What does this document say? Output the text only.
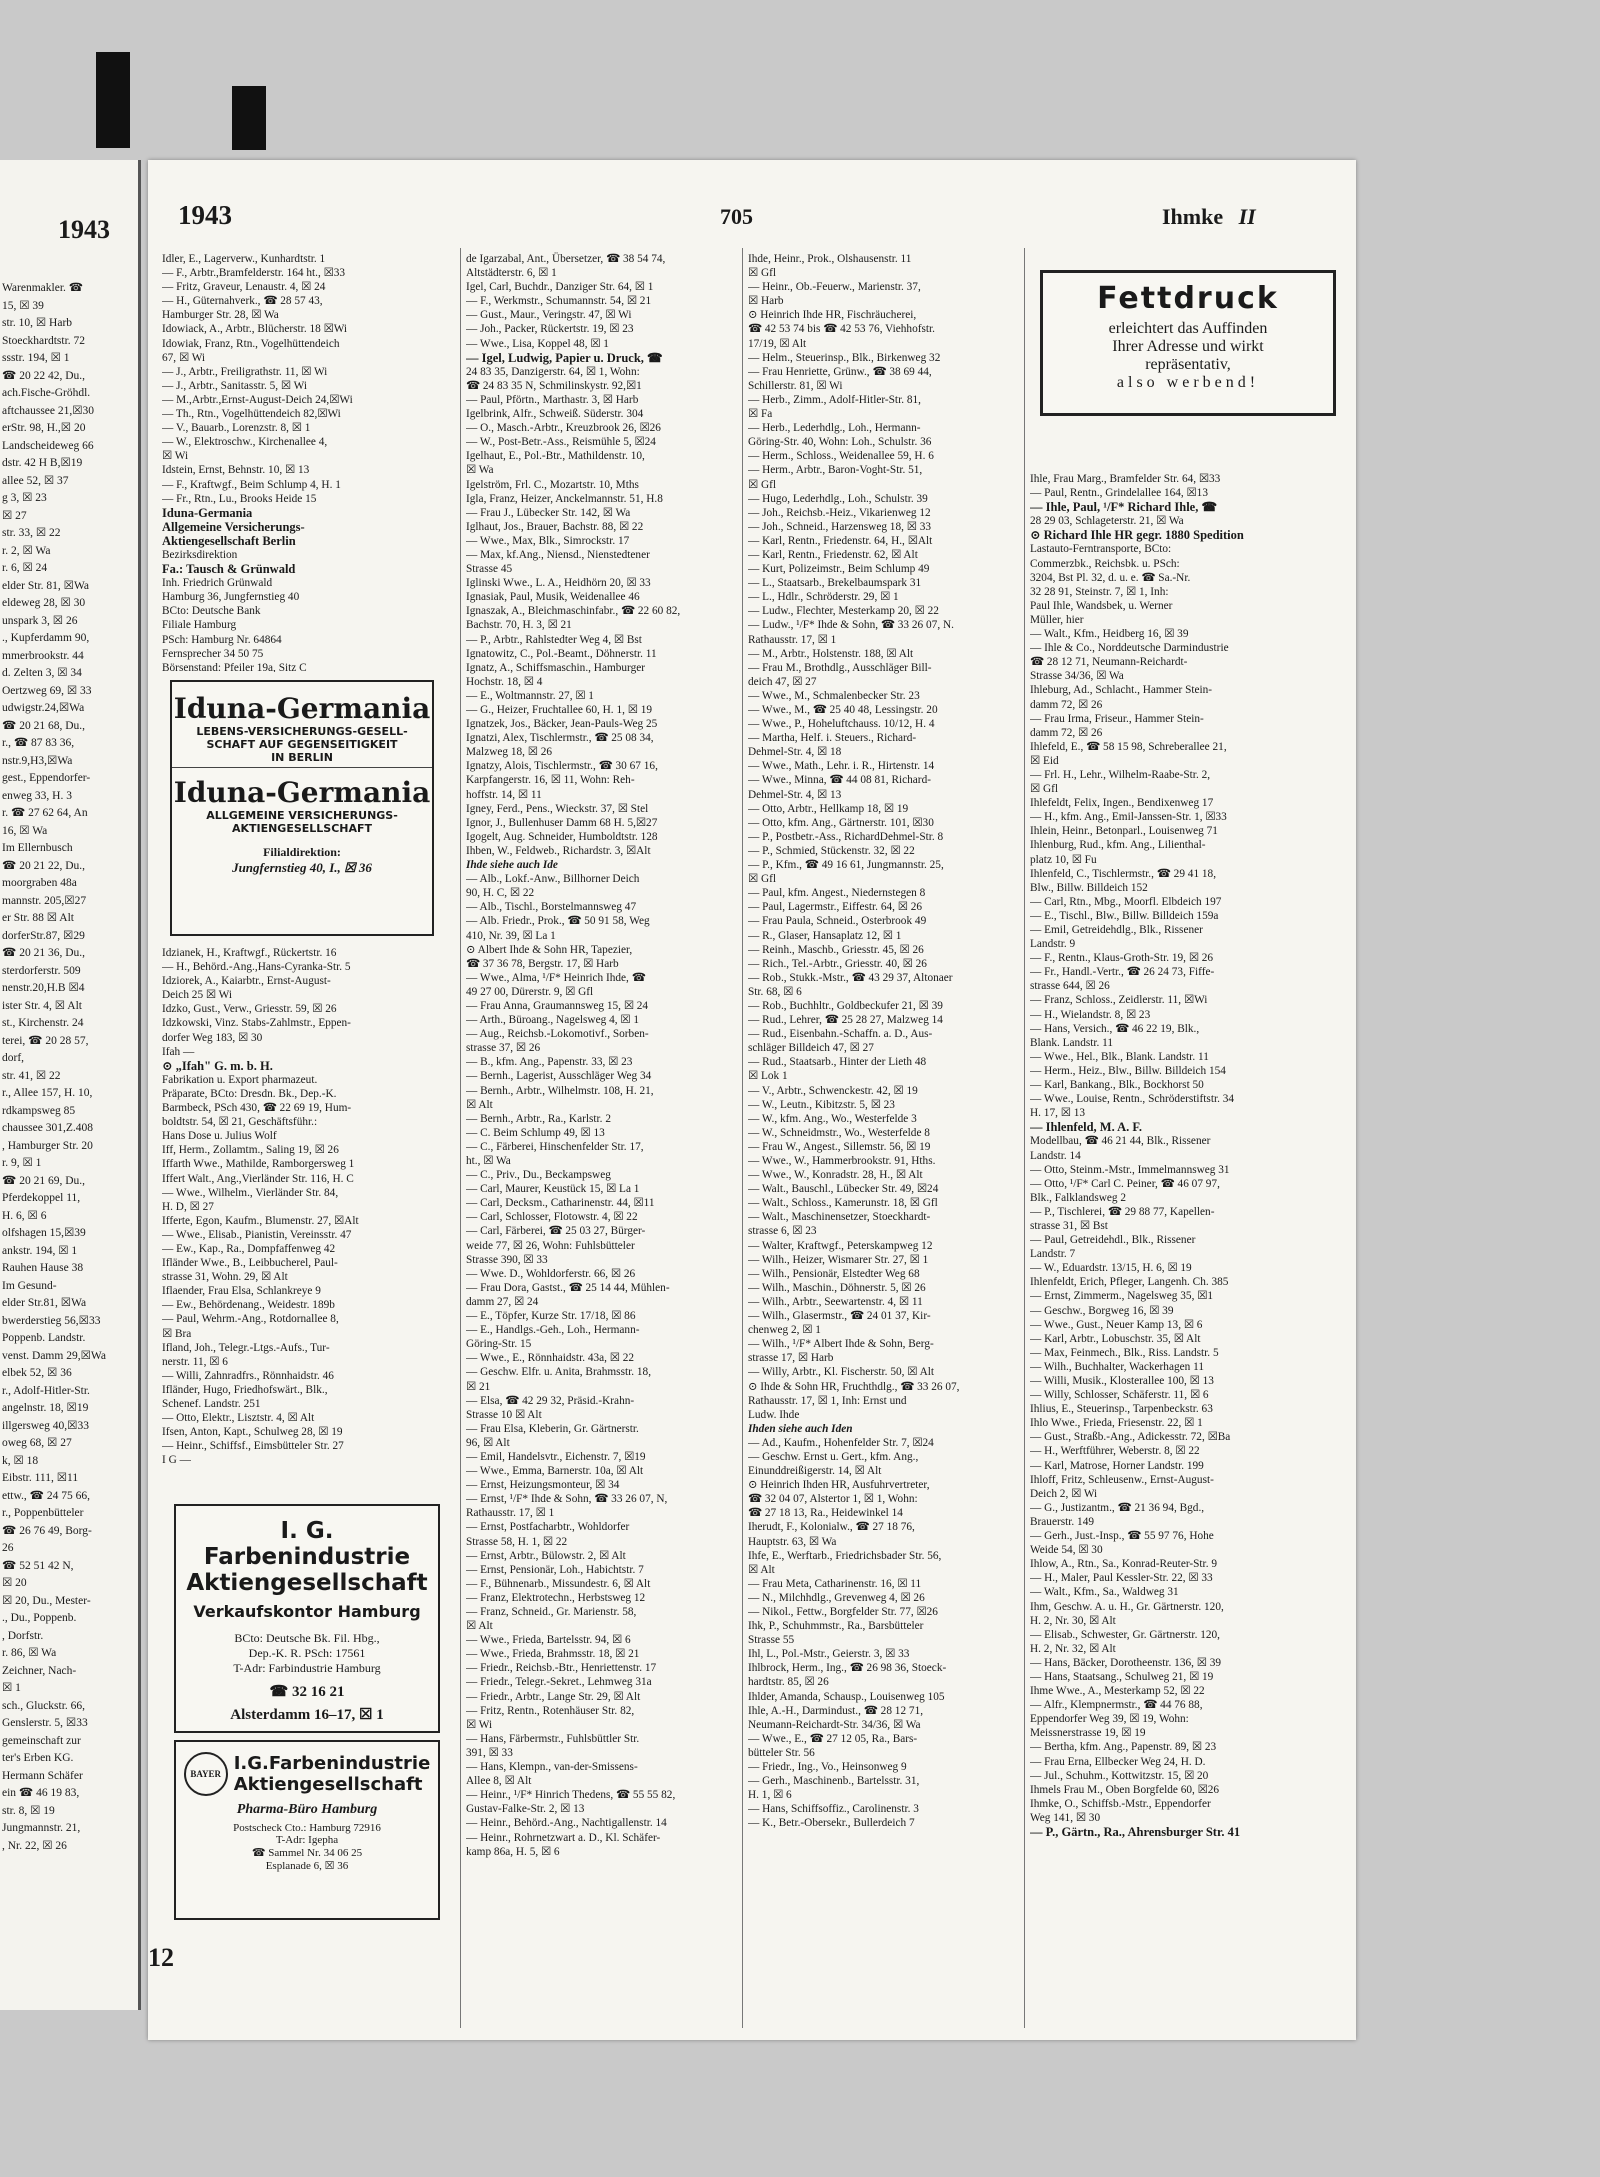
1943
Warenmakler. ☎
15, ☒ 39
str. 10, ☒ Harb
Stoeckhardtstr. 72
ssstr. 194, ☒ 1
☎ 20 22 42, Du.,
ach.Fische-Gröhdl.
aftchaussee 21,☒30
erStr. 98, H.,☒ 20
Landscheideweg 66
dstr. 42 H B,☒19
allee 52, ☒ 37
g 3, ☒ 23
☒ 27
str. 33, ☒ 22
r. 2, ☒ Wa
r. 6, ☒ 24
elder Str. 81, ☒Wa
eldeweg 28, ☒ 30
unspark 3, ☒ 26
., Kupferdamm 90,
mmerbrookstr. 44
d. Zelten 3, ☒ 34
Oertzweg 69, ☒ 33
udwigstr.24,☒Wa
☎ 20 21 68, Du.,
r., ☎ 87 83 36,
nstr.9,H3,☒Wa
gest., Eppendorfer-
enweg 33, H. 3
r. ☎ 27 62 64, An
16, ☒ Wa
Im Ellernbusch
☎ 20 21 22, Du.,
moorgraben 48a
mannstr. 205,☒27
er Str. 88 ☒ Alt
dorferStr.87, ☒29
☎ 20 21 36, Du.,
sterdorferstr. 509
nenstr.20,H.B ☒4
ister Str. 4, ☒ Alt
st., Kirchenstr. 24
terei, ☎ 20 28 57,
dorf,
str. 41, ☒ 22
r., Allee 157, H. 10,
rdkampsweg 85
chaussee 301,Z.408
, Hamburger Str. 20
r. 9, ☒ 1
☎ 20 21 69, Du.,
Pferdekoppel 11,
H. 6, ☒ 6
olfshagen 15,☒39
ankstr. 194, ☒ 1
Rauhen Hause 38
Im Gesund-
elder Str.81, ☒Wa
bwerderstieg 56,☒33
Poppenb. Landstr.
venst. Damm 29,☒Wa
elbek 52, ☒ 36
r., Adolf-Hitler-Str.
angelnstr. 18, ☒19
illgersweg 40,☒33
oweg 68, ☒ 27
k, ☒ 18
Eibstr. 111, ☒11
ettw., ☎ 24 75 66,
r., Poppenbütteler
☎ 26 76 49, Borg-
26
☎ 52 51 42 N,
☒ 20
☒ 20, Du., Mester-
., Du., Poppenb.
, Dorfstr.
r. 86, ☒ Wa
Zeichner, Nach-
☒ 1
sch., Gluckstr. 66,
Genslerstr. 5, ☒33
gemeinschaft zur
ter's Erben KG.
Hermann Schäfer
ein ☎ 46 19 83,
str. 8, ☒ 19
Jungmannstr. 21,
, Nr. 22, ☒ 26
1943	705	Ihmke II
Idler, E., Lagerverw., Kunhardtstr. 1
— F., Arbtr.,Bramfelderstr. 164 ht., ☒33
— Fritz, Graveur, Lenaustr. 4, ☒ 24
— H., Güternahverk., ☎ 28 57 43,
Hamburger Str. 28, ☒ Wa
Idowiack, A., Arbtr., Blücherstr. 18 ☒Wi
Idowiak, Franz, Rtn., Vogelhüttendeich
67, ☒ Wi
— J., Arbtr., Freiligrathstr. 11, ☒ Wi
— J., Arbtr., Sanitasstr. 5, ☒ Wi
— M.,Arbtr.,Ernst-August-Deich 24,☒Wi
— Th., Rtn., Vogelhüttendeich 82,☒Wi
— V., Bauarb., Lorenzstr. 8, ☒ 1
— W., Elektroschw., Kirchenallee 4,
☒ Wi
Idstein, Ernst, Behnstr. 10, ☒ 13
— F., Kraftwgf., Beim Schlump 4, H. 1
— Fr., Rtn., Lu., Brooks Heide 15
Iduna-Germania
Allgemeine Versicherungs-
Aktiengesellschaft Berlin
Bezirksdirektion
Fa.: Tausch & Grünwald
Inh. Friedrich Grünwald
Hamburg 36, Jungfernstieg 40
BCto: Deutsche Bank
Filiale Hamburg
PSch: Hamburg Nr. 64864
Fernsprecher 34 50 75
Börsenstand: Pfeiler 19a, Sitz C
Iduna-Germania
LEBENS-VERSICHERUNGS-GESELL-
SCHAFT AUF GEGENSEITIGKEIT
IN BERLIN
Iduna-Germania
ALLGEMEINE VERSICHERUNGS-
AKTIENGESELLSCHAFT
Filialdirektion:
Jungfernstieg 40, I., ☒ 36
Idzianek, H., Kraftwgf., Rückertstr. 16
— H., Behörd.-Ang.,Hans-Cyranka-Str. 5
Idziorek, A., Kaiarbtr., Ernst-August-
Deich 25 ☒ Wi
Idzko, Gust., Verw., Griesstr. 59, ☒ 26
Idzkowski, Vinz. Stabs-Zahlmstr., Eppen-
dorfer Weg 183, ☒ 30
Ifah —
⊙ „Ifah" G. m. b. H.
Fabrikation u. Export pharmazeut.
Präparate, BCto: Dresdn. Bk., Dep.-K.
Barmbeck, PSch 430, ☎ 22 69 19, Hum-
boldtstr. 54, ☒ 21, Geschäftsführ.:
Hans Dose u. Julius Wolf
Iff, Herm., Zollamtm., Saling 19, ☒ 26
Iffarth Wwe., Mathilde, Ramborgersweg 1
Iffert Walt., Ang.,Vierländer Str. 116, H. C
— Wwe., Wilhelm., Vierländer Str. 84,
H. D, ☒ 27
Ifferte, Egon, Kaufm., Blumenstr. 27, ☒Alt
— Wwe., Elisab., Pianistin, Vereinsstr. 47
— Ew., Kap., Ra., Dompfaffenweg 42
Ifländer Wwe., B., Leibbucherel, Paul-
strasse 31, Wohn. 29, ☒ Alt
Iflaender, Frau Elsa, Schlankreye 9
— Ew., Behördenang., Weidestr. 189b
— Paul, Wehrm.-Ang., Rotdornallee 8,
☒ Bra
Ifland, Joh., Telegr.-Ltgs.-Aufs., Tur-
nerstr. 11, ☒ 6
— Willi, Zahnradfrs., Rönnhaidstr. 46
Ifländer, Hugo, Friedhofswärt., Blk.,
Schenef. Landstr. 251
— Otto, Elektr., Lisztstr. 4, ☒ Alt
Ifsen, Anton, Kapt., Schulweg 28, ☒ 19
— Heinr., Schiffsf., Eimsbütteler Str. 27
I G —
I. G. Farbenindustrie
Aktiengesellschaft
Verkaufskontor Hamburg
BCto: Deutsche Bk. Fil. Hbg.,
Dep.-K. R. PSch: 17561
T-Adr: Farbindustrie Hamburg
☎ 32 16 21
Alsterdamm 16–17, ☒ 1
BAYER I.G.Farbenindustrie
Aktiengesellschaft
Pharma-Büro Hamburg
Postscheck Cto.: Hamburg 72916
T-Adr: Igepha
☎ Sammel Nr. 34 06 25
Esplanade 6, ☒ 36
de Igarzabal, Ant., Übersetzer, ☎ 38 54 74,
Altstädterstr. 6, ☒ 1
Igel, Carl, Buchdr., Danziger Str. 64, ☒ 1
— F., Werkmstr., Schumannstr. 54, ☒ 21
— Gust., Maur., Veringstr. 47, ☒ Wi
— Joh., Packer, Rückertstr. 19, ☒ 23
— Wwe., Lisa, Koppel 48, ☒ 1
— Igel, Ludwig, Papier u. Druck, ☎
24 83 35, Danzigerstr. 64, ☒ 1, Wohn:
☎ 24 83 35 N, Schmilinskystr. 92,☒1
— Paul, Pförtn., Marthastr. 3, ☒ Harb
Igelbrink, Alfr., Schweiß. Süderstr. 304
— O., Masch.-Arbtr., Kreuzbrook 26, ☒26
— W., Post-Betr.-Ass., Reismühle 5, ☒24
Igelhaut, E., Pol.-Btr., Mathildenstr. 10,
☒ Wa
Igelström, Frl. C., Mozartstr. 10, Mths
Igla, Franz, Heizer, Anckelmannstr. 51, H.8
— Frau J., Lübecker Str. 142, ☒ Wa
Iglhaut, Jos., Brauer, Bachstr. 88, ☒ 22
— Wwe., Max, Blk., Simrockstr. 17
— Max, kf.Ang., Niensd., Nienstedtener
Strasse 45
Iglinski Wwe., L. A., Heidhörn 20, ☒ 33
Ignasiak, Paul, Musik, Weidenallee 46
Ignaszak, A., Bleichmaschinfabr., ☎ 22 60 82,
Bachstr. 70, H. 3, ☒ 21
— P., Arbtr., Rahlstedter Weg 4, ☒ Bst
Ignatowitz, C., Pol.-Beamt., Döhnerstr. 11
Ignatz, A., Schiffsmaschin., Hamburger
Hochstr. 18, ☒ 4
— E., Woltmannstr. 27, ☒ 1
— G., Heizer, Fruchtallee 60, H. 1, ☒ 19
Ignatzek, Jos., Bäcker, Jean-Pauls-Weg 25
Ignatzi, Alex, Tischlermstr., ☎ 25 08 34,
Malzweg 18, ☒ 26
Ignatzy, Alois, Tischlermstr., ☎ 30 67 16,
Karpfangerstr. 16, ☒ 11, Wohn: Reh-
hoffstr. 14, ☒ 11
Igney, Ferd., Pens., Wieckstr. 37, ☒ Stel
Ignor, J., Bullenhuser Damm 68 H. 5,☒27
Igogelt, Aug. Schneider, Humboldtstr. 128
Ihben, W., Feldweb., Richardstr. 3, ☒Alt
Ihde siehe auch Ide
— Alb., Lokf.-Anw., Billhorner Deich
90, H. C, ☒ 22
— Alb., Tischl., Borstelmannsweg 47
— Alb. Friedr., Prok., ☎ 50 91 58, Weg
410, Nr. 39, ☒ La 1
⊙ Albert Ihde & Sohn HR, Tapezier,
☎ 37 36 78, Bergstr. 17, ☒ Harb
— Wwe., Alma, ¹/F* Heinrich Ihde, ☎
49 27 00, Dürerstr. 9, ☒ Gfl
— Frau Anna, Graumannsweg 15, ☒ 24
— Arth., Büroang., Nagelsweg 4, ☒ 1
— Aug., Reichsb.-Lokomotivf., Sorben-
strasse 37, ☒ 26
— B., kfm. Ang., Papenstr. 33, ☒ 23
— Bernh., Lagerist, Ausschläger Weg 34
— Bernh., Arbtr., Wilhelmstr. 108, H. 21,
☒ Alt
— Bernh., Arbtr., Ra., Karlstr. 2
— C. Beim Schlump 49, ☒ 13
— C., Färberei, Hinschenfelder Str. 17,
ht., ☒ Wa
— C., Priv., Du., Beckampsweg
— Carl, Maurer, Keustück 15, ☒ La 1
— Carl, Decksm., Catharinenstr. 44, ☒11
— Carl, Schlosser, Flotowstr. 4, ☒ 22
— Carl, Färberei, ☎ 25 03 27, Bürger-
weide 77, ☒ 26, Wohn: Fuhlsbütteler
Strasse 390, ☒ 33
— Wwe. D., Wohldorferstr. 66, ☒ 26
— Frau Dora, Gastst., ☎ 25 14 44, Mühlen-
damm 27, ☒ 24
— E., Töpfer, Kurze Str. 17/18, ☒ 86
— E., Handlgs.-Geh., Loh., Hermann-
Göring-Str. 15
— Wwe., E., Rönnhaidstr. 43a, ☒ 22
— Geschw. Elfr. u. Anita, Brahmsstr. 18,
☒ 21
— Elsa, ☎ 42 29 32, Präsid.-Krahn-
Strasse 10 ☒ Alt
— Frau Elsa, Kleberin, Gr. Gärtnerstr.
96, ☒ Alt
— Emil, Handelsvtr., Eichenstr. 7, ☒19
— Wwe., Emma, Barnerstr. 10a, ☒ Alt
— Ernst, Heizungsmonteur, ☒ 34
— Ernst, ¹/F* Ihde & Sohn, ☎ 33 26 07, N,
Rathausstr. 17, ☒ 1
— Ernst, Postfacharbtr., Wohldorfer
Strasse 58, H. 1, ☒ 22
— Ernst, Arbtr., Bülowstr. 2, ☒ Alt
— Ernst, Pensionär, Loh., Habichtstr. 7
— F., Bühnenarb., Missundestr. 6, ☒ Alt
— Franz, Elektrotechn., Herbstsweg 12
— Franz, Schneid., Gr. Marienstr. 58,
☒ Alt
— Wwe., Frieda, Bartelsstr. 94, ☒ 6
— Wwe., Frieda, Brahmsstr. 18, ☒ 21
— Friedr., Reichsb.-Btr., Henriettenstr. 17
— Friedr., Telegr.-Sekret., Lehmweg 31a
— Friedr., Arbtr., Lange Str. 29, ☒ Alt
— Fritz, Rentn., Rotenhäuser Str. 82,
☒ Wi
— Hans, Färbermstr., Fuhlsbüttler Str.
391, ☒ 33
— Hans, Klempn., van-der-Smissens-
Allee 8, ☒ Alt
— Heinr., ¹/F* Hinrich Thedens, ☎ 55 55 82,
Gustav-Falke-Str. 2, ☒ 13
— Heinr., Behörd.-Ang., Nachtigallenstr. 14
— Heinr., Rohrnetzwart a. D., Kl. Schäfer-
kamp 86a, H. 5, ☒ 6
Ihde, Heinr., Prok., Olshausenstr. 11
☒ Gfl
— Heinr., Ob.-Feuerw., Marienstr. 37,
☒ Harb
⊙ Heinrich Ihde HR, Fischräucherei,
☎ 42 53 74 bis ☎ 42 53 76, Viehhofstr.
17/19, ☒ Alt
— Helm., Steuerinsp., Blk., Birkenweg 32
— Frau Henriette, Grünw., ☎ 38 69 44,
Schillerstr. 81, ☒ Wi
— Herb., Zimm., Adolf-Hitler-Str. 81,
☒ Fa
— Herb., Lederhdlg., Loh., Hermann-
Göring-Str. 40, Wohn: Loh., Schulstr. 36
— Herm., Schloss., Weidenallee 59, H. 6
— Herm., Arbtr., Baron-Voght-Str. 51,
☒ Gfl
— Hugo, Lederhdlg., Loh., Schulstr. 39
— Joh., Reichsb.-Heiz., Vikarienweg 12
— Joh., Schneid., Harzensweg 18, ☒ 33
— Karl, Rentn., Friedenstr. 64, H., ☒Alt
— Karl, Rentn., Friedenstr. 62, ☒ Alt
— Kurt, Polizeimstr., Beim Schlump 49
— L., Staatsarb., Brekelbaumspark 31
— L., Hdlr., Schröderstr. 29, ☒ 1
— Ludw., Flechter, Mesterkamp 20, ☒ 22
— Ludw., ¹/F* Ihde & Sohn, ☎ 33 26 07, N.
Rathausstr. 17, ☒ 1
— M., Arbtr., Holstenstr. 188, ☒ Alt
— Frau M., Brothdlg., Ausschläger Bill-
deich 47, ☒ 27
— Wwe., M., Schmalenbecker Str. 23
— Wwe., M., ☎ 25 40 48, Lessingstr. 20
— Wwe., P., Hoheluftchauss. 10/12, H. 4
— Martha, Helf. i. Steuers., Richard-
Dehmel-Str. 4, ☒ 18
— Wwe., Math., Lehr. i. R., Hirtenstr. 14
— Wwe., Minna, ☎ 44 08 81, Richard-
Dehmel-Str. 4, ☒ 13
— Otto, Arbtr., Hellkamp 18, ☒ 19
— Otto, kfm. Ang., Gärtnerstr. 101, ☒30
— P., Postbetr.-Ass., RichardDehmel-Str. 8
— P., Schmied, Stückenstr. 32, ☒ 22
— P., Kfm., ☎ 49 16 61, Jungmannstr. 25,
☒ Gfl
— Paul, kfm. Angest., Niedernstegen 8
— Paul, Lagermstr., Eiffestr. 64, ☒ 26
— Frau Paula, Schneid., Osterbrook 49
— R., Glaser, Hansaplatz 12, ☒ 1
— Reinh., Maschb., Griesstr. 45, ☒ 26
— Rich., Tel.-Arbtr., Griesstr. 40, ☒ 26
— Rob., Stukk.-Mstr., ☎ 43 29 37, Altonaer
Str. 68, ☒ 6
— Rob., Buchhltr., Goldbeckufer 21, ☒ 39
— Rud., Lehrer, ☎ 25 28 27, Malzweg 14
— Rud., Eisenbahn.-Schaffn. a. D., Aus-
schläger Billdeich 47, ☒ 27
— Rud., Staatsarb., Hinter der Lieth 48
☒ Lok 1
— V., Arbtr., Schwenckestr. 42, ☒ 19
— W., Leutn., Kibitzstr. 5, ☒ 23
— W., kfm. Ang., Wo., Westerfelde 3
— W., Schneidmstr., Wo., Westerfelde 8
— Frau W., Angest., Sillemstr. 56, ☒ 19
— Wwe., W., Hammerbrookstr. 91, Hths.
— Wwe., W., Konradstr. 28, H., ☒ Alt
— Walt., Bauschl., Lübecker Str. 49, ☒24
— Walt., Schloss., Kamerunstr. 18, ☒ Gfl
— Walt., Maschinensetzer, Stoeckhardt-
strasse 6, ☒ 23
— Walter, Kraftwgf., Peterskampweg 12
— Wilh., Heizer, Wismarer Str. 27, ☒ 1
— Wilh., Pensionär, Elstedter Weg 68
— Wilh., Maschin., Döhnerstr. 5, ☒ 26
— Wilh., Arbtr., Seewartenstr. 4, ☒ 11
— Wilh., Glasermstr., ☎ 24 01 37, Kir-
chenweg 2, ☒ 1
— Wilh., ¹/F* Albert Ihde & Sohn, Berg-
strasse 17, ☒ Harb
— Willy, Arbtr., Kl. Fischerstr. 50, ☒ Alt
⊙ Ihde & Sohn HR, Fruchthdlg., ☎ 33 26 07,
Rathausstr. 17, ☒ 1, Inh: Ernst und
Ludw. Ihde
Ihden siehe auch Iden
— Ad., Kaufm., Hohenfelder Str. 7, ☒24
— Geschw. Ernst u. Gert., kfm. Ang.,
Einunddreißigerstr. 14, ☒ Alt
⊙ Heinrich Ihden HR, Ausfuhrvertreter,
☎ 32 04 07, Alstertor 1, ☒ 1, Wohn:
☎ 27 18 13, Ra., Heidewinkel 14
Iherudt, F., Kolonialw., ☎ 27 18 76,
Hauptstr. 63, ☒ Wa
Ihfe, E., Werftarb., Friedrichsbader Str. 56,
☒ Alt
— Frau Meta, Catharinenstr. 16, ☒ 11
— N., Milchhdlg., Grevenweg 4, ☒ 26
— Nikol., Fettw., Borgfelder Str. 77, ☒26
Ihk, P., Schuhmmstr., Ra., Barsbütteler
Strasse 55
Ihl, L., Pol.-Mstr., Geierstr. 3, ☒ 33
Ihlbrock, Herm., Ing., ☎ 26 98 36, Stoeck-
hardtstr. 85, ☒ 26
Ihlder, Amanda, Schausp., Louisenweg 105
Ihle, A.-H., Darmindust., ☎ 28 12 71,
Neumann-Reichardt-Str. 34/36, ☒ Wa
— Wwe., E., ☎ 27 12 05, Ra., Bars-
bütteler Str. 56
— Friedr., Ing., Vo., Heinsonweg 9
— Gerh., Maschinenb., Bartelsstr. 31,
H. 1, ☒ 6
— Hans, Schiffsoffiz., Carolinenstr. 3
— K., Betr.-Obersekr., Bullerdeich 7
Fettdruck
erleichtert das Auffinden
Ihrer Adresse und wirkt
repräsentativ,
also werbend!
Ihle, Frau Marg., Bramfelder Str. 64, ☒33
— Paul, Rentn., Grindelallee 164, ☒13
— Ihle, Paul, ¹/F* Richard Ihle, ☎
28 29 03, Schlageterstr. 21, ☒ Wa
⊙ Richard Ihle HR gegr. 1880 Spedition
Lastauto-Ferntransporte, BCto:
Commerzbk., Reichsbk. u. PSch:
3204, Bst Pl. 32, d. u. e. ☎ Sa.-Nr.
32 28 91, Steinstr. 7, ☒ 1, Inh:
Paul Ihle, Wandsbek, u. Werner
Müller, hier
— Walt., Kfm., Heidberg 16, ☒ 39
— Ihle & Co., Norddeutsche Darmindustrie
☎ 28 12 71, Neumann-Reichardt-
Strasse 34/36, ☒ Wa
Ihleburg, Ad., Schlacht., Hammer Stein-
damm 72, ☒ 26
— Frau Irma, Friseur., Hammer Stein-
damm 72, ☒ 26
Ihlefeld, E., ☎ 58 15 98, Schreberallee 21,
☒ Eid
— Frl. H., Lehr., Wilhelm-Raabe-Str. 2,
☒ Gfl
Ihlefeldt, Felix, Ingen., Bendixenweg 17
— H., kfm. Ang., Emil-Janssen-Str. 1, ☒33
Ihlein, Heinr., Betonparl., Louisenweg 71
Ihlenburg, Rud., kfm. Ang., Lilienthal-
platz 10, ☒ Fu
Ihlenfeld, C., Tischlermstr., ☎ 29 41 18,
Blw., Billw. Billdeich 152
— Carl, Rtn., Mbg., Moorfl. Elbdeich 197
— E., Tischl., Blw., Billw. Billdeich 159a
— Emil, Getreidehdlg., Blk., Rissener
Landstr. 9
— F., Rentn., Klaus-Groth-Str. 19, ☒ 26
— Fr., Handl.-Vertr., ☎ 26 24 73, Fiffe-
strasse 644, ☒ 26
— Franz, Schloss., Zeidlerstr. 11, ☒Wi
— H., Wielandstr. 8, ☒ 23
— Hans, Versich., ☎ 46 22 19, Blk.,
Blank. Landstr. 11
— Wwe., Hel., Blk., Blank. Landstr. 11
— Herm., Heiz., Blw., Billw. Billdeich 154
— Karl, Bankang., Blk., Bockhorst 50
— Wwe., Louise, Rentn., Schröderstiftstr. 34
H. 17, ☒ 13
— Ihlenfeld, M. A. F.
Modellbau, ☎ 46 21 44, Blk., Rissener
Landstr. 14
— Otto, Steinm.-Mstr., Immelmannsweg 31
— Otto, ¹/F* Carl C. Peiner, ☎ 46 07 97,
Blk., Falklandsweg 2
— P., Tischlerei, ☎ 29 88 77, Kapellen-
strasse 31, ☒ Bst
— Paul, Getreidehdl., Blk., Rissener
Landstr. 7
— W., Eduardstr. 13/15, H. 6, ☒ 19
Ihlenfeldt, Erich, Pfleger, Langenh. Ch. 385
— Ernst, Zimmerm., Nagelsweg 35, ☒1
— Geschw., Borgweg 16, ☒ 39
— Wwe., Gust., Neuer Kamp 13, ☒ 6
— Karl, Arbtr., Lobuschstr. 35, ☒ Alt
— Max, Feinmech., Blk., Riss. Landstr. 5
— Wilh., Buchhalter, Wackerhagen 11
— Willi, Musik., Klosterallee 100, ☒ 13
— Willy, Schlosser, Schäferstr. 11, ☒ 6
Ihlius, E., Steuerinsp., Tarpenbeckstr. 63
Ihlo Wwe., Frieda, Friesenstr. 22, ☒ 1
— Gust., Straßb.-Ang., Adickesstr. 72, ☒Ba
— H., Werftführer, Weberstr. 8, ☒ 22
— Karl, Matrose, Horner Landstr. 199
Ihloff, Fritz, Schleusenw., Ernst-August-
Deich 2, ☒ Wi
— G., Justizantm., ☎ 21 36 94, Bgd.,
Brauerstr. 149
— Gerh., Just.-Insp., ☎ 55 97 76, Hohe
Weide 54, ☒ 30
Ihlow, A., Rtn., Sa., Konrad-Reuter-Str. 9
— H., Maler, Paul Kessler-Str. 22, ☒ 33
— Walt., Kfm., Sa., Waldweg 31
Ihm, Geschw. A. u. H., Gr. Gärtnerstr. 120,
H. 2, Nr. 30, ☒ Alt
— Elisab., Schwester, Gr. Gärtnerstr. 120,
H. 2, Nr. 32, ☒ Alt
— Hans, Bäcker, Dorotheenstr. 136, ☒ 39
— Hans, Staatsang., Schulweg 21, ☒ 19
Ihme Wwe., A., Mesterkamp 52, ☒ 22
— Alfr., Klempnermstr., ☎ 44 76 88,
Eppendorfer Weg 39, ☒ 19, Wohn:
Meissnerstrasse 19, ☒ 19
— Bertha, kfm. Ang., Papenstr. 89, ☒ 23
— Frau Erna, Ellbecker Weg 24, H. D.
— Jul., Schuhm., Kottwitzstr. 15, ☒ 20
Ihmels Frau M., Oben Borgfelde 60, ☒26
Ihmke, O., Schiffsb.-Mstr., Eppendorfer
Weg 141, ☒ 30
— P., Gärtn., Ra., Ahrensburger Str. 41
12
